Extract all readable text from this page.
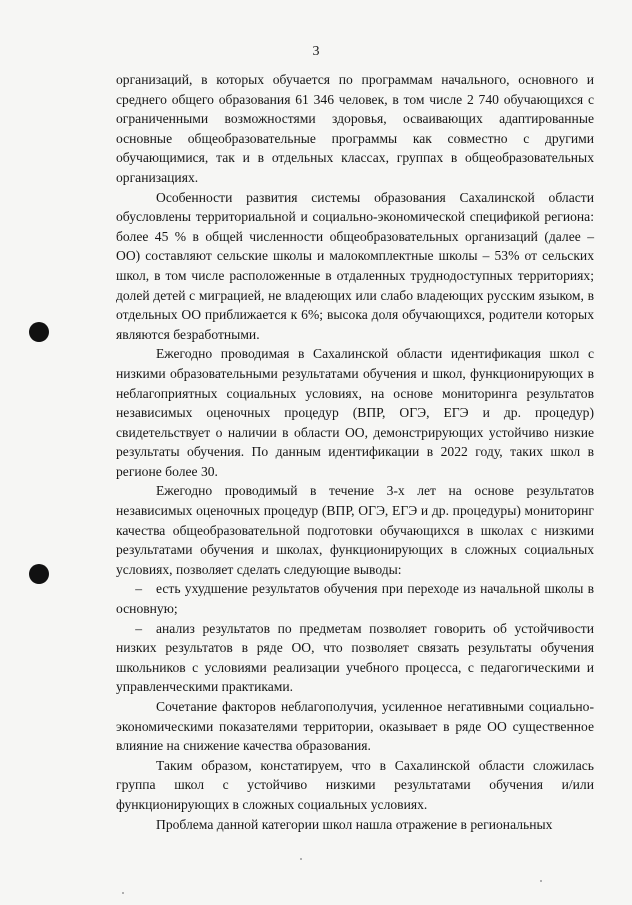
3

организаций, в которых обучается по программам начального, основного и среднего общего образования 61 346 человек, в том числе 2 740 обучающихся с ограниченными возможностями здоровья, осваивающих адаптированные основные общеобразовательные программы как совместно с другими обучающимися, так и в отдельных классах, группах в общеобразовательных организациях.

Особенности развития системы образования Сахалинской области обусловлены территориальной и социально-экономической спецификой региона: более 45 % в общей численности общеобразовательных организаций (далее – ОО) составляют сельские школы и малокомплектные школы – 53% от сельских школ, в том числе расположенные в отдаленных труднодоступных территориях; долей детей с миграцией, не владеющих или слабо владеющих русским языком, в отдельных ОО приближается к 6%; высока доля обучающихся, родители которых являются безработными.

Ежегодно проводимая в Сахалинской области идентификация школ с низкими образовательными результатами обучения и школ, функционирующих в неблагоприятных социальных условиях, на основе мониторинга результатов независимых оценочных процедур (ВПР, ОГЭ, ЕГЭ и др. процедур) свидетельствует о наличии в области ОО, демонстрирующих устойчиво низкие результаты обучения. По данным идентификации в 2022 году, таких школ в регионе более 30.

Ежегодно проводимый в течение 3-х лет на основе результатов независимых оценочных процедур (ВПР, ОГЭ, ЕГЭ и др. процедуры) мониторинг качества общеобразовательной подготовки обучающихся в школах с низкими результатами обучения и школах, функционирующих в сложных социальных условиях, позволяет сделать следующие выводы:

– есть ухудшение результатов обучения при переходе из начальной школы в основную;

– анализ результатов по предметам позволяет говорить об устойчивости низких результатов в ряде ОО, что позволяет связать результаты обучения школьников с условиями реализации учебного процесса, с педагогическими и управленческими практиками.

Сочетание факторов неблагополучия, усиленное негативными социально-экономическими показателями территории, оказывает в ряде ОО существенное влияние на снижение качества образования.

Таким образом, констатируем, что в Сахалинской области сложилась группа школ с устойчиво низкими результатами обучения и/или функционирующих в сложных социальных условиях.

Проблема данной категории школ нашла отражение в региональных
